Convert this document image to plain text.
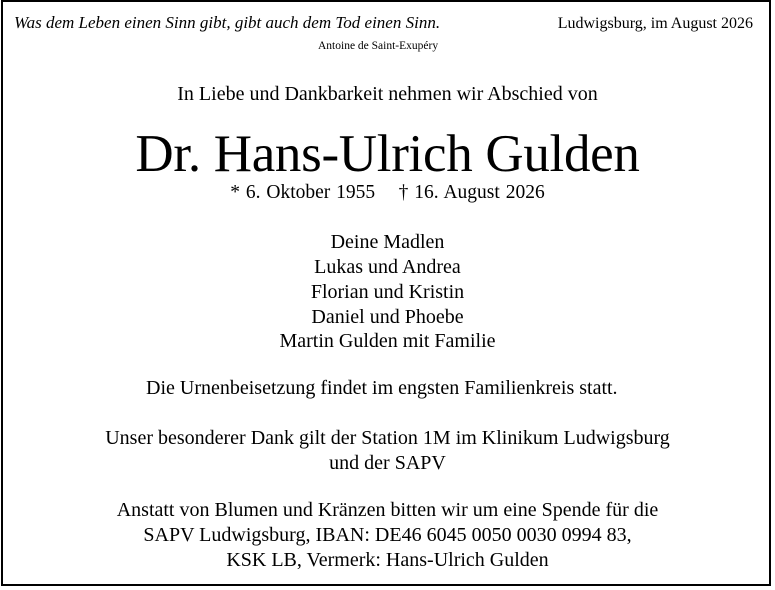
Was dem Leben einen Sinn gibt, gibt auch dem Tod einen Sinn.
Antoine de Saint-Exupéry
Ludwigsburg, im August 2026
In Liebe und Dankbarkeit nehmen wir Abschied von
Dr. Hans-Ulrich Gulden
* 6. Oktober 1955    † 16. August 2026
Deine Madlen
Lukas und Andrea
Florian und Kristin
Daniel und Phoebe
Martin Gulden mit Familie
Die Urnenbeisetzung findet im engsten Familienkreis statt.
Unser besonderer Dank gilt der Station 1M im Klinikum Ludwigsburg
und der SAPV
Anstatt von Blumen und Kränzen bitten wir um eine Spende für die
SAPV Ludwigsburg, IBAN: DE46 6045 0050 0030 0994 83,
KSK LB, Vermerk: Hans-Ulrich Gulden
